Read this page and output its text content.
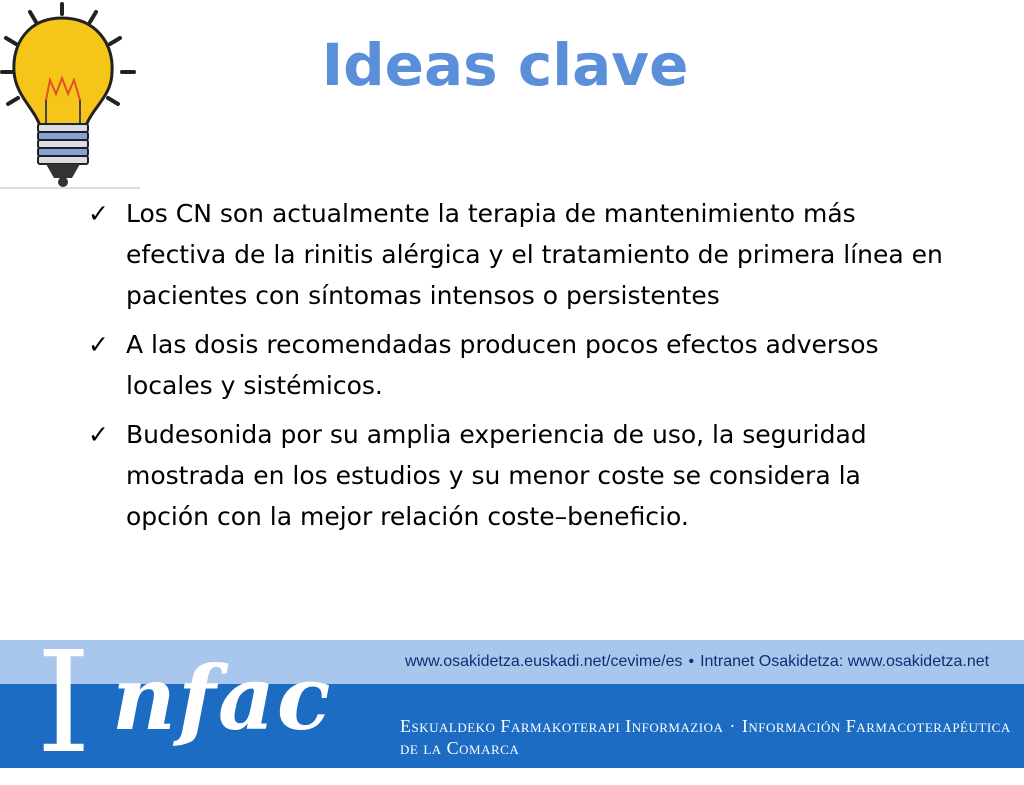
Ideas clave
✓ Los CN son actualmente la terapia de mantenimiento más efectiva de la rinitis alérgica y el tratamiento de primera línea en pacientes con síntomas intensos o persistentes
✓ A las dosis recomendadas producen pocos efectos adversos locales y sistémicos.
✓ Budesonida por su amplia experiencia de uso, la seguridad mostrada en los estudios y su menor coste se considera la opción con la mejor relación coste–beneficio.

I nfac	www.osakidetza.euskadi.net/cevime/es • Intranet Osakidetza: www.osakidetza.net

Eskualdeko Farmakoterapi Informazioa · Información Farmacoterapéutica de la Comarca
